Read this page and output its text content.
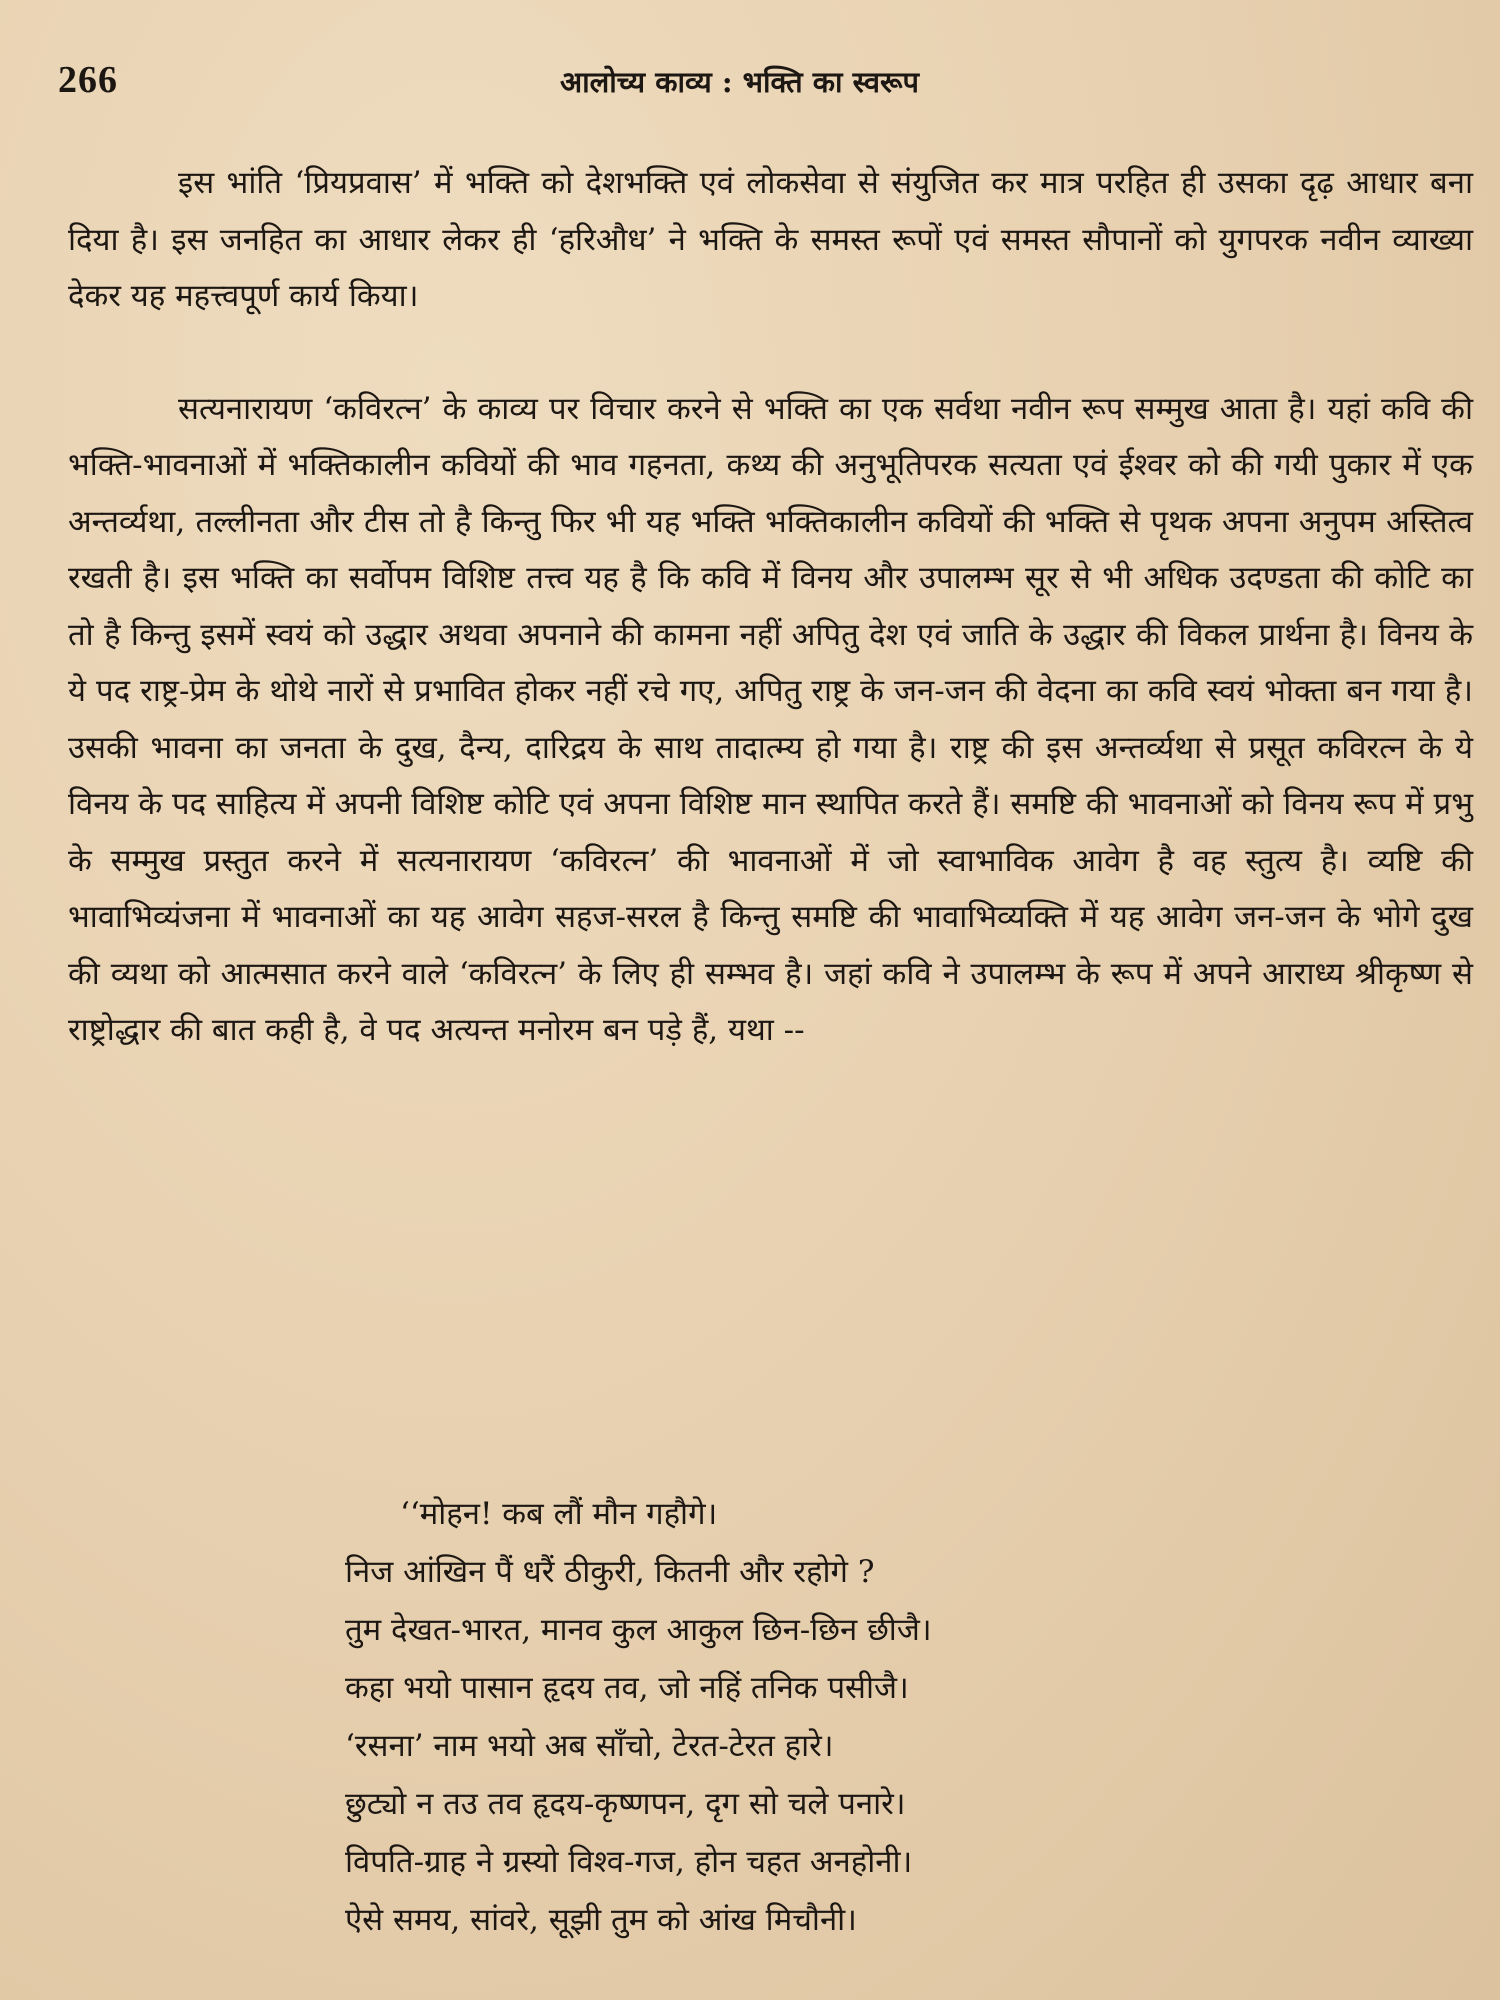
266	आलोच्य काव्य : भक्ति का स्वरूप

इस भांति ‘प्रियप्रवास’ में भक्ति को देशभक्ति एवं लोकसेवा से संयुजित कर मात्र परहित ही उसका दृढ़ आधार बना दिया है। इस जनहित का आधार लेकर ही ‘हरिऔध’ ने भक्ति के समस्त रूपों एवं समस्त सौपानों को युगपरक नवीन व्याख्या देकर यह महत्त्वपूर्ण कार्य किया।

सत्यनारायण ‘कविरत्न’ के काव्य पर विचार करने से भक्ति का एक सर्वथा नवीन रूप सम्मुख आता है। यहां कवि की भक्ति-भावनाओं में भक्तिकालीन कवियों की भाव गहनता, कथ्य की अनुभूतिपरक सत्यता एवं ईश्वर को की गयी पुकार में एक अन्तर्व्यथा, तल्लीनता और टीस तो है किन्तु फिर भी यह भक्ति भक्तिकालीन कवियों की भक्ति से पृथक अपना अनुपम अस्तित्व रखती है। इस भक्ति का सर्वोपम विशिष्ट तत्त्व यह है कि कवि में विनय और उपालम्भ सूर से भी अधिक उदण्डता की कोटि का तो है किन्तु इसमें स्वयं को उद्धार अथवा अपनाने की कामना नहीं अपितु देश एवं जाति के उद्धार की विकल प्रार्थना है। विनय के ये पद राष्ट्र-प्रेम के थोथे नारों से प्रभावित होकर नहीं रचे गए, अपितु राष्ट्र के जन-जन की वेदना का कवि स्वयं भोक्ता बन गया है। उसकी भावना का जनता के दुख, दैन्य, दारिद्रय के साथ तादात्म्य हो गया है। राष्ट्र की इस अन्तर्व्यथा से प्रसूत कविरत्न के ये विनय के पद साहित्य में अपनी विशिष्ट कोटि एवं अपना विशिष्ट मान स्थापित करते हैं। समष्टि की भावनाओं को विनय रूप में प्रभु के सम्मुख प्रस्तुत करने में सत्यनारायण ‘कविरत्न’ की भावनाओं में जो स्वाभाविक आवेग है वह स्तुत्य है। व्यष्टि की भावाभिव्यंजना में भावनाओं का यह आवेग सहज-सरल है किन्तु समष्टि की भावाभिव्यक्ति में यह आवेग जन-जन के भोगे दुख की व्यथा को आत्मसात करने वाले ‘कविरत्न’ के लिए ही सम्भव है। जहां कवि ने उपालम्भ के रूप में अपने आराध्य श्रीकृष्ण से राष्ट्रोद्धार की बात कही है, वे पद अत्यन्त मनोरम बन पड़े हैं, यथा --

‘‘मोहन! कब लौं मौन गहौगे।
निज आंखिन पैं धरैं ठीकुरी, कितनी और रहोगे ?
तुम देखत-भारत, मानव कुल आकुल छिन-छिन छीजै।
कहा भयो पासान हृदय तव, जो नहिं तनिक पसीजै।
‘रसना’ नाम भयो अब साँचो, टेरत-टेरत हारे।
छुट्यो न तउ तव हृदय-कृष्णपन, दृग सो चले पनारे।
विपति-ग्राह ने ग्रस्यो विश्व-गज, होन चहत अनहोनी।
ऐसे समय, सांवरे, सूझी तुम को आंख मिचौनी।
